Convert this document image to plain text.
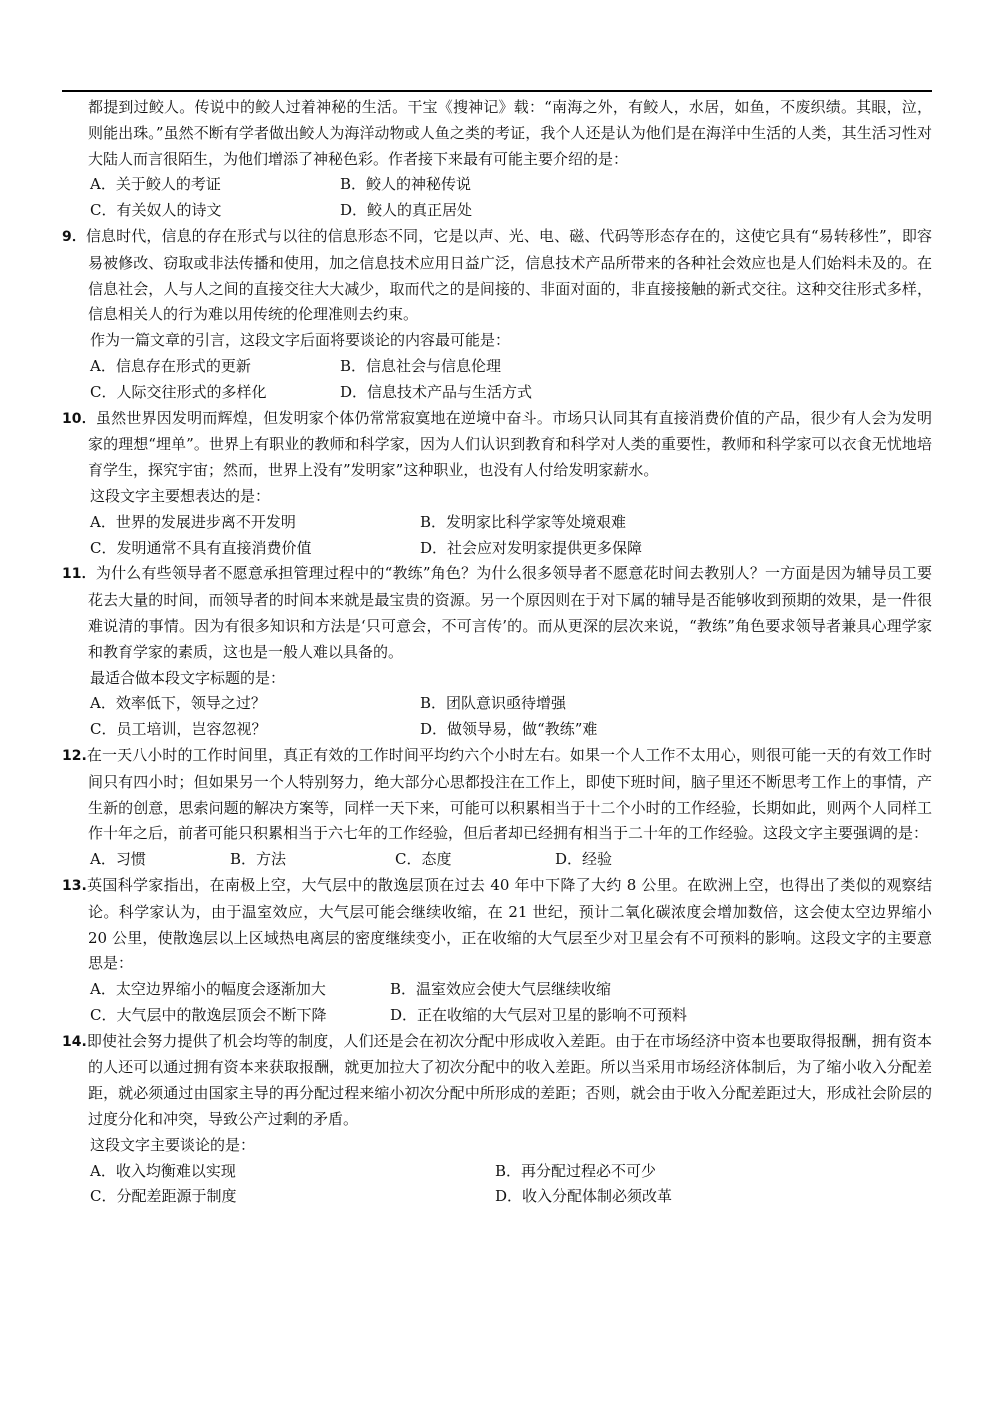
都提到过鲛人。传说中的鲛人过着神秘的生活。干宝《搜神记》载：“南海之外，有鲛人，水居，如鱼，不废织绩。其眼，泣，则能出珠。”虽然不断有学者做出鲛人为海洋动物或人鱼之类的考证，我个人还是认为他们是在海洋中生活的人类，其生活习性对大陆人而言很陌生，为他们增添了神秘色彩。作者接下来最有可能主要介绍的是：

A．关于鲛人的考证	B．鲛人的神秘传说
C．有关奴人的诗文	D．鲛人的真正居处

9．信息时代，信息的存在形式与以往的信息形态不同，它是以声、光、电、磁、代码等形态存在的，这使它具有“易转移性”，即容易被修改、窃取或非法传播和使用，加之信息技术应用日益广泛，信息技术产品所带来的各种社会效应也是人们始料未及的。在信息社会，人与人之间的直接交往大大减少，取而代之的是间接的、非面对面的，非直接接触的新式交往。这种交往形式多样，信息相关人的行为难以用传统的伦理准则去约束。

作为一篇文章的引言，这段文字后面将要谈论的内容最可能是：

A．信息存在形式的更新	B．信息社会与信息伦理
C．人际交往形式的多样化	D．信息技术产品与生活方式

10．虽然世界因发明而辉煌，但发明家个体仍常常寂寞地在逆境中奋斗。市场只认同其有直接消费价值的产品，很少有人会为发明家的理想“埋单”。世界上有职业的教师和科学家，因为人们认识到教育和科学对人类的重要性，教师和科学家可以衣食无忧地培育学生，探究宇宙；然而，世界上没有”发明家”这种职业，也没有人付给发明家薪水。

这段文字主要想表达的是：

A．世界的发展进步离不开发明	B．发明家比科学家等处境艰难
C．发明通常不具有直接消费价值	D．社会应对发明家提供更多保障

11．为什么有些领导者不愿意承担管理过程中的“教练”角色？为什么很多领导者不愿意花时间去教别人？一方面是因为辅导员工要花去大量的时间，而领导者的时间本来就是最宝贵的资源。另一个原因则在于对下属的辅导是否能够收到预期的效果，是一件很难说清的事情。因为有很多知识和方法是‘只可意会，不可言传’的。而从更深的层次来说，“教练”角色要求领导者兼具心理学家和教育学家的素质，这也是一般人难以具备的。

最适合做本段文字标题的是：

A．效率低下，领导之过？	B．团队意识亟待增强
C．员工培训，岂容忽视？	D．做领导易，做“教练”难

12.在一天八小时的工作时间里，真正有效的工作时间平均约六个小时左右。如果一个人工作不太用心，则很可能一天的有效工作时间只有四小时；但如果另一个人特别努力，绝大部分心思都投注在工作上，即使下班时间，脑子里还不断思考工作上的事情，产生新的创意，思索问题的解决方案等，同样一天下来，可能可以积累相当于十二个小时的工作经验，长期如此，则两个人同样工作十年之后，前者可能只积累相当于六七年的工作经验，但后者却已经拥有相当于二十年的工作经验。这段文字主要强调的是：

A．习惯	B．方法	C．态度	D．经验

13.英国科学家指出，在南极上空，大气层中的散逸层顶在过去 40 年中下降了大约 8 公里。在欧洲上空，也得出了类似的观察结论。科学家认为，由于温室效应，大气层可能会继续收缩，在 21 世纪，预计二氧化碳浓度会增加数倍，这会使太空边界缩小 20 公里，使散逸层以上区域热电离层的密度继续变小，正在收缩的大气层至少对卫星会有不可预料的影响。这段文字的主要意思是：

A．太空边界缩小的幅度会逐渐加大	B．温室效应会使大气层继续收缩
C．大气层中的散逸层顶会不断下降	D．正在收缩的大气层对卫星的影响不可预料

14.即使社会努力提供了机会均等的制度，人们还是会在初次分配中形成收入差距。由于在市场经济中资本也要取得报酬，拥有资本的人还可以通过拥有资本来获取报酬，就更加拉大了初次分配中的收入差距。所以当采用市场经济体制后，为了缩小收入分配差距，就必须通过由国家主导的再分配过程来缩小初次分配中所形成的差距；否则，就会由于收入分配差距过大，形成社会阶层的过度分化和冲突，导致公产过剩的矛盾。

这段文字主要谈论的是：

A．收入均衡难以实现	B．再分配过程必不可少
C．分配差距源于制度	D．收入分配体制必须改革
